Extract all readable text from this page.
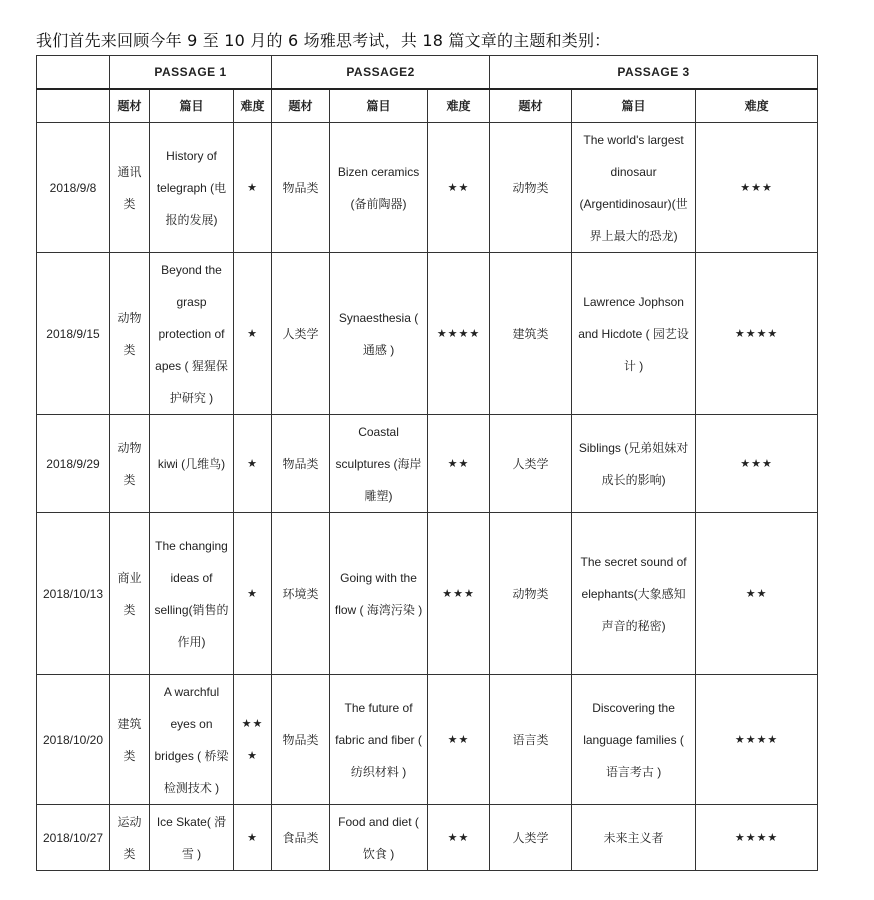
我们首先来回顾今年 9 至 10 月的 6 场雅思考试，共 18 篇文章的主题和类别：
	PASSAGE 1			PASSAGE2			PASSAGE 3		
	题材	篇目	难度	题材	篇目	难度	题材	篇目	难度
2018/9/8	通讯类	History of telegraph (电报的发展)	★	物品类	Bizen ceramics (备前陶器)	★★	动物类	The world's largest dinosaur (Argentidinosaur)(世界上最大的恐龙)	★★★
2018/9/15	动物类	Beyond the grasp protection of apes ( 猩猩保护研究 )	★	人类学	Synaesthesia ( 通感 )	★★★★	建筑类	Lawrence Jophson and Hicdote ( 园艺设计 )	★★★★
2018/9/29	动物类	kiwi (几维鸟)	★	物品类	Coastal sculptures (海岸雕塑)	★★	人类学	Siblings (兄弟姐妹对成长的影响)	★★★
2018/10/13	商业类	The changing ideas of selling(销售的作用)	★	环境类	Going with the flow ( 海湾污染 )	★★★	动物类	The secret sound of elephants(大象感知声音的秘密)	★★
2018/10/20	建筑类	A warchful eyes on bridges ( 桥梁检测技术 )	★★★	物品类	The future of fabric and fiber ( 纺织材料 )	★★	语言类	Discovering the language families ( 语言考古 )	★★★★
2018/10/27	运动类	Ice Skate( 滑雪 )	★	食品类	Food and diet ( 饮食 )	★★	人类学	未来主义者	★★★★
